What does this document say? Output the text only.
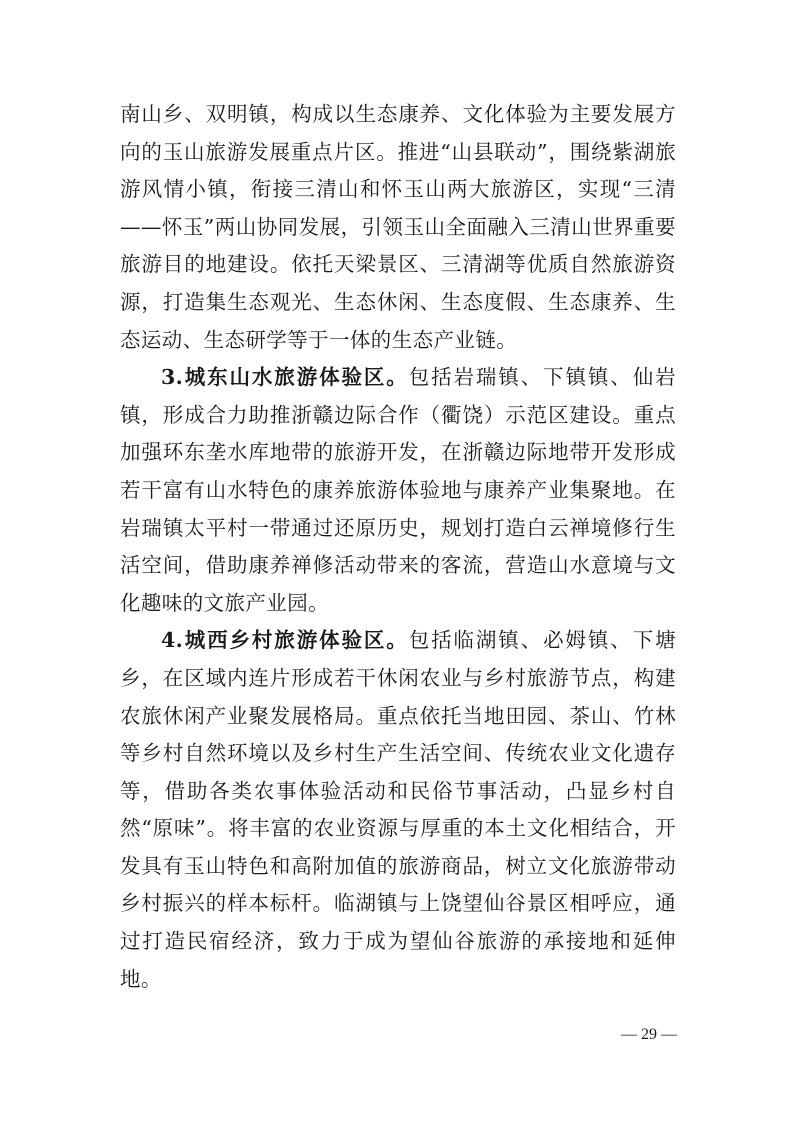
南山乡、双明镇，构成以生态康养、文化体验为主要发展方向的玉山旅游发展重点片区。推进“山县联动”，围绕紫湖旅游风情小镇，衔接三清山和怀玉山两大旅游区，实现“三清——怀玉”两山协同发展，引领玉山全面融入三清山世界重要旅游目的地建设。依托天梁景区、三清湖等优质自然旅游资源，打造集生态观光、生态休闲、生态度假、生态康养、生态运动、生态研学等于一体的生态产业链。

3.城东山水旅游体验区。包括岩瑞镇、下镇镇、仙岩镇，形成合力助推浙赣边际合作（衢饶）示范区建设。重点加强环东垄水库地带的旅游开发，在浙赣边际地带开发形成若干富有山水特色的康养旅游体验地与康养产业集聚地。在岩瑞镇太平村一带通过还原历史，规划打造白云禅境修行生活空间，借助康养禅修活动带来的客流，营造山水意境与文化趣味的文旅产业园。

4.城西乡村旅游体验区。包括临湖镇、必姆镇、下塘乡，在区域内连片形成若干休闲农业与乡村旅游节点，构建农旅休闲产业聚发展格局。重点依托当地田园、茶山、竹林等乡村自然环境以及乡村生产生活空间、传统农业文化遗存等，借助各类农事体验活动和民俗节事活动，凸显乡村自然“原味”。将丰富的农业资源与厚重的本土文化相结合，开发具有玉山特色和高附加值的旅游商品，树立文化旅游带动乡村振兴的样本标杆。临湖镇与上饶望仙谷景区相呼应，通过打造民宿经济，致力于成为望仙谷旅游的承接地和延伸地。

— 29 —
